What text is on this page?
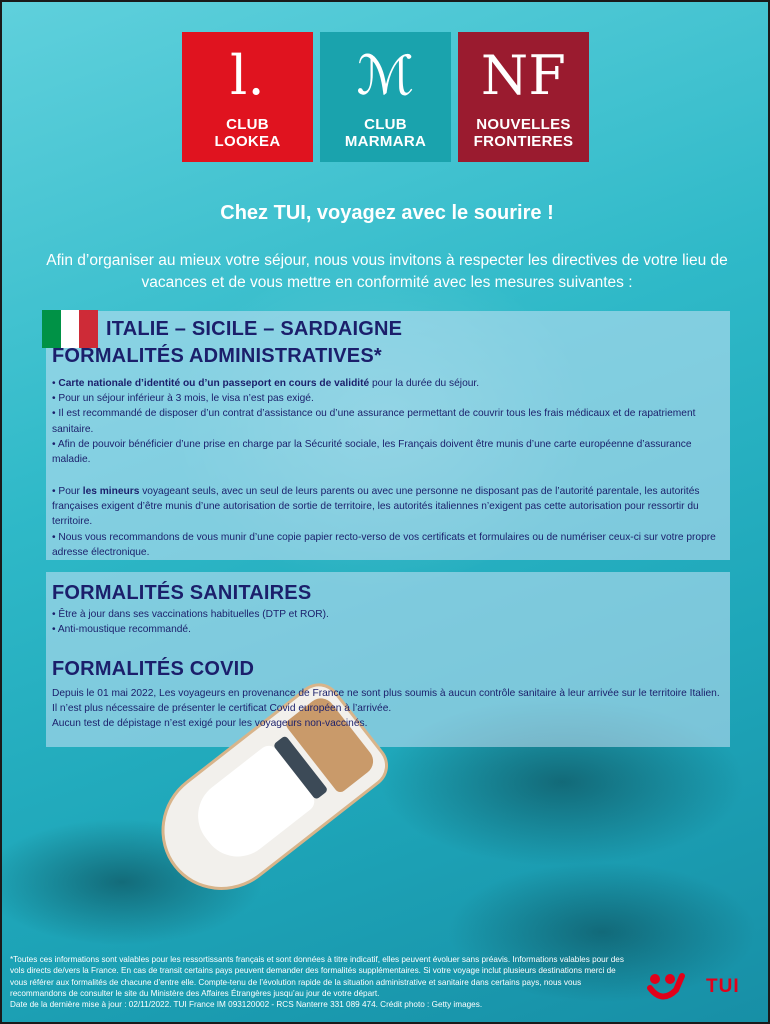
l.
CLUB
LOOKEA
ℳ
CLUB
MARMARA
NF
NOUVELLES
FRONTIERES
Chez TUI, voyagez avec le sourire !
Afin d’organiser au mieux votre séjour, nous vous invitons à respecter les directives de votre lieu de vacances et de vous mettre en conformité avec les mesures suivantes :
ITALIE – SICILE – SARDAIGNE
FORMALITÉS ADMINISTRATIVES*

• Carte nationale d’identité ou d’un passeport en cours de validité pour la durée du séjour.

• Pour un séjour inférieur à 3 mois, le visa n’est pas exigé.

• Il est recommandé de disposer d’un contrat d’assistance ou d’une assurance permettant de couvrir tous les frais médicaux et de rapatriement sanitaire.

• Afin de pouvoir bénéficier d’une prise en charge par la Sécurité sociale, les Français doivent être munis d’une carte européenne d’assurance maladie.

• Pour les mineurs voyageant seuls, avec un seul de leurs parents ou avec une personne ne disposant pas de l’autorité parentale, les autorités françaises exigent d’être munis d’une autorisation de sortie de territoire, les autorités italiennes n’exigent pas cette autorisation pour ressortir du territoire.

• Nous vous recommandons de vous munir d’une copie papier recto-verso de vos certificats et formulaires ou de numériser ceux-ci sur votre propre adresse électronique.

FORMALITÉS SANITAIRES

• Être à jour dans ses vaccinations habituelles (DTP et ROR).

• Anti-moustique recommandé.

FORMALITÉS COVID

Depuis le 01 mai 2022, Les voyageurs en provenance de France ne sont plus soumis à aucun contrôle sanitaire à leur arrivée sur le territoire Italien.

Il n’est plus nécessaire de présenter le certificat Covid européen à l’arrivée.

Aucun test de dépistage n’est exigé pour les voyageurs non-vaccinés.

*Toutes ces informations sont valables pour les ressortissants français et sont données à titre indicatif, elles peuvent évoluer sans préavis. Informations valables pour des vols directs de/vers la France. En cas de transit certains pays peuvent demander des formalités supplémentaires. Si votre voyage inclut plusieurs destinations merci de vous référer aux formalités de chacune d’entre elle. Compte-tenu de l’évolution rapide de la situation administrative et sanitaire dans certains pays, nous vous recommandons de consulter le site du Ministère des Affaires Étrangères jusqu’au jour de votre départ.

Date de la dernière mise à jour : 02/11/2022. TUI France IM 093120002 - RCS Nanterre 331 089 474. Crédit photo : Getty images.

TUI
